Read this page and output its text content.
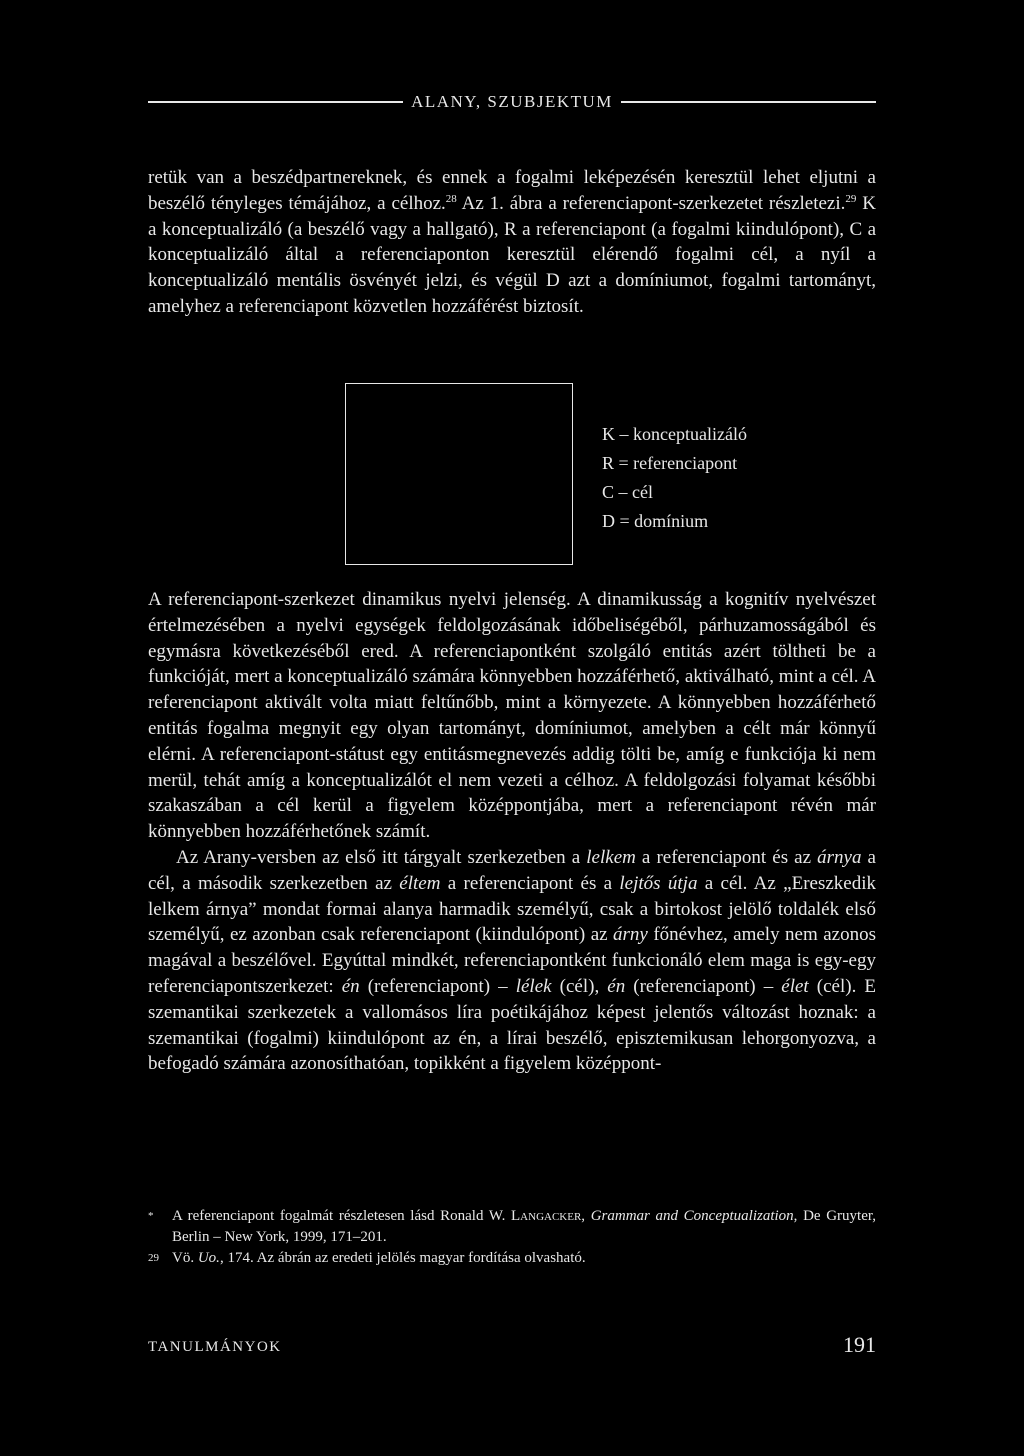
ALANY, SZUBJEKTUM

retük van a beszédpartnereknek, és ennek a fogalmi leképezésén keresztül lehet eljutni a beszélő tényleges témájához, a célhoz.$^{28}$ Az 1. ábra a referenciapont-szerkezetet részletezi.$^{29}$ K a konceptualizáló (a beszélő vagy a hallgató), R a referenciapont (a fogalmi kiindulópont), C a konceptualizáló által a referenciaponton keresztül elérendő fogalmi cél, a nyíl a konceptualizáló mentális ösvényét jelzi, és végül D azt a domíniumot, fogalmi tartományt, amelyhez a referenciapont közvetlen hozzáférést biztosít.

K – konceptualizáló
R = referenciapont
C – cél
D = domínium

A referenciapont-szerkezet dinamikus nyelvi jelenség. A dinamikusság a kognitív nyelvészet értelmezésében a nyelvi egységek feldolgozásának időbeliségéből, párhuzamosságából és egymásra következéséből ered. A referenciapontként szolgáló entitás azért töltheti be a funkcióját, mert a konceptualizáló számára könnyebben hozzáférhető, aktiválható, mint a cél. A referenciapont aktivált volta miatt feltűnőbb, mint a környezete. A könnyebben hozzáférhető entitás fogalma megnyit egy olyan tartományt, domíniumot, amelyben a célt már könnyű elérni. A referenciapont-státust egy entitásmegnevezés addig tölti be, amíg e funkciója ki nem merül, tehát amíg a konceptualizálót el nem vezeti a célhoz. A feldolgozási folyamat későbbi szakaszában a cél kerül a figyelem középpontjába, mert a referenciapont révén már könnyebben hozzáférhetőnek számít.

Az Arany-versben az első itt tárgyalt szerkezetben a lelkem a referenciapont és az árnya a cél, a második szerkezetben az éltem a referenciapont és a lejtős útja a cél. Az „Ereszkedik lelkem árnya” mondat formai alanya harmadik személyű, csak a birtokost jelölő toldalék első személyű, ez azonban csak referenciapont (kiindulópont) az árny főnévhez, amely nem azonos magával a beszélővel. Egyúttal mindkét, referenciapontként funkcionáló elem maga is egy-egy referenciapontszerkezet: én (referenciapont) – lélek (cél), én (referenciapont) – élet (cél). E szemantikai szerkezetek a vallomásos líra poétikájához képest jelentős változást hoznak: a szemantikai (fogalmi) kiindulópont az én, a lírai beszélő, episztemikusan lehorgonyozva, a befogadó számára azonosíthatóan, topikként a figyelem középpont-

*	A referenciapont fogalmát részletesen lásd Ronald W. Langacker, Grammar and Conceptualization, De Gruyter, Berlin – New York, 1999, 171–201.
29 Vö. Uo., 174. Az ábrán az eredeti jelölés magyar fordítása olvasható.
TANULMÁNYOK	191
